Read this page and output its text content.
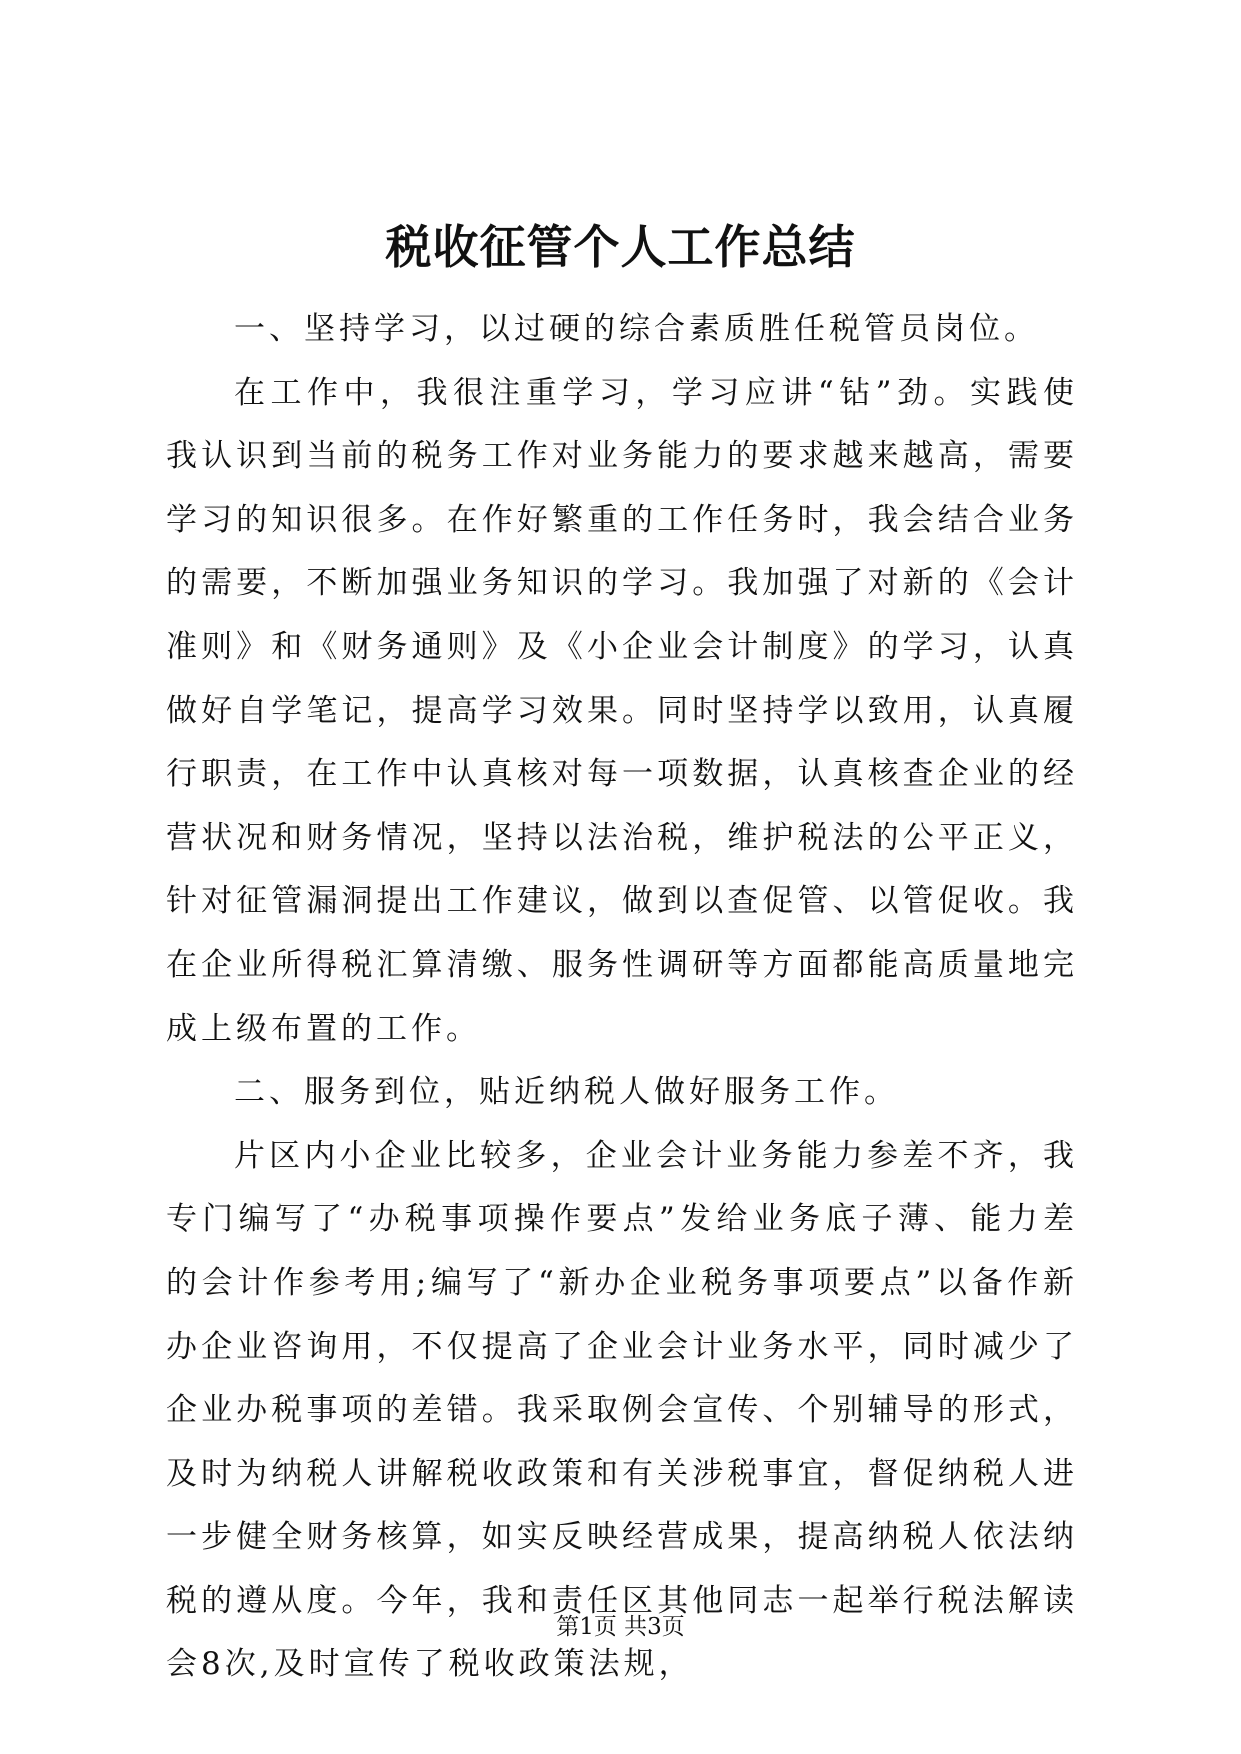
税收征管个人工作总结

一、坚持学习，以过硬的综合素质胜任税管员岗位。

在工作中，我很注重学习，学习应讲“钻”劲。实践使我认识到当前的税务工作对业务能力的要求越来越高，需要学习的知识很多。在作好繁重的工作任务时，我会结合业务的需要，不断加强业务知识的学习。我加强了对新的《会计准则》和《财务通则》及《小企业会计制度》的学习，认真做好自学笔记，提高学习效果。同时坚持学以致用，认真履行职责，在工作中认真核对每一项数据，认真核查企业的经营状况和财务情况，坚持以法治税，维护税法的公平正义，针对征管漏洞提出工作建议，做到以查促管、以管促收。我在企业所得税汇算清缴、服务性调研等方面都能高质量地完成上级布置的工作。

二、服务到位，贴近纳税人做好服务工作。

片区内小企业比较多，企业会计业务能力参差不齐，我专门编写了“办税事项操作要点”发给业务底子薄、能力差的会计作参考用;编写了“新办企业税务事项要点”以备作新办企业咨询用，不仅提高了企业会计业务水平，同时减少了企业办税事项的差错。我采取例会宣传、个别辅导的形式，及时为纳税人讲解税收政策和有关涉税事宜，督促纳税人进一步健全财务核算，如实反映经营成果，提高纳税人依法纳税的遵从度。今年，我和责任区其他同志一起举行税法解读会8次,及时宣传了税收政策法规，

第1页 共3页
